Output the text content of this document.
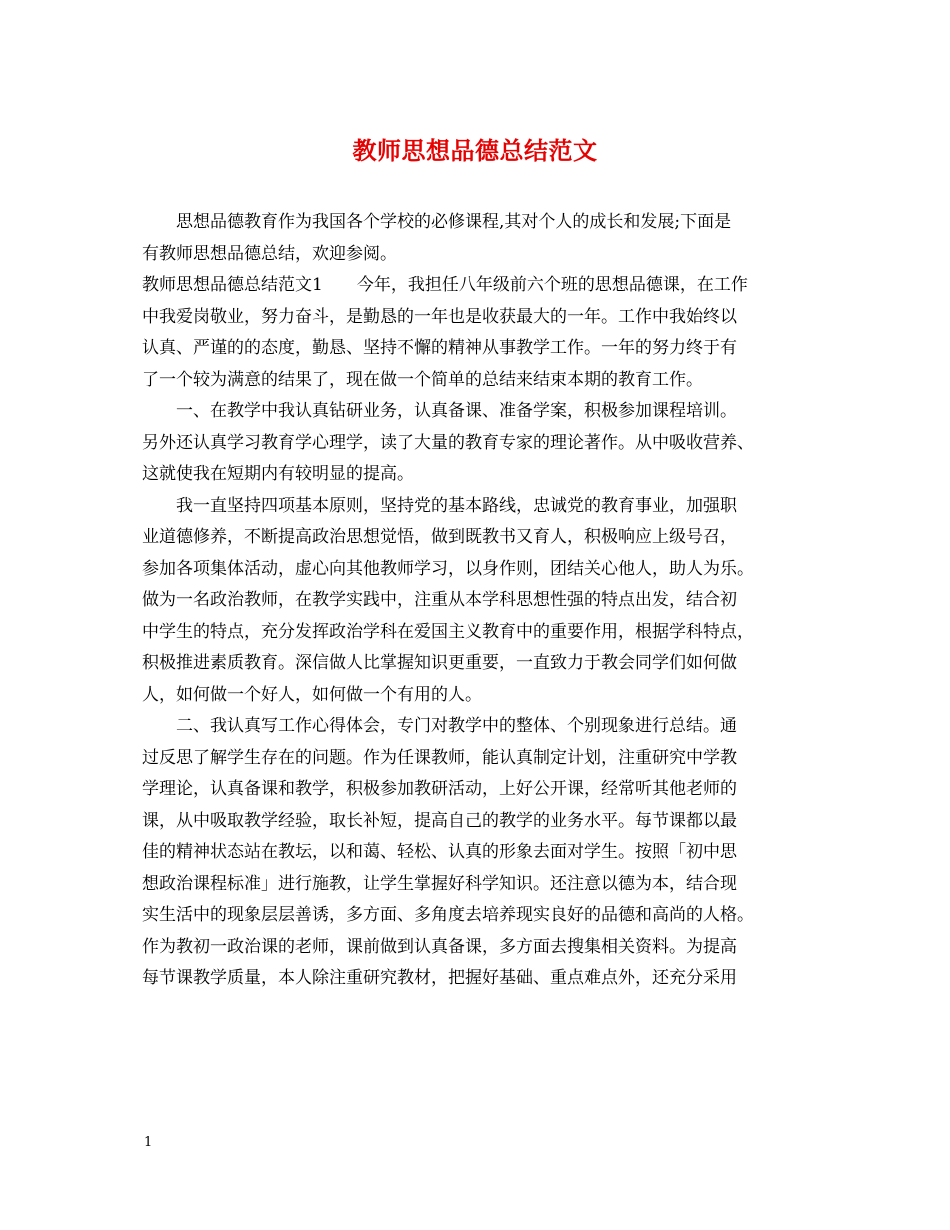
教师思想品德总结范文
　　思想品德教育作为我国各个学校的必修课程,其对个人的成长和发展;下面是
有教师思想品德总结，欢迎参阅。
教师思想品德总结范文1　　今年，我担任八年级前六个班的思想品德课，在工作
中我爱岗敬业，努力奋斗，是勤恳的一年也是收获最大的一年。工作中我始终以
认真、严谨的的态度，勤恳、坚持不懈的精神从事教学工作。一年的努力终于有
了一个较为满意的结果了，现在做一个简单的总结来结束本期的教育工作。
　　一、在教学中我认真钻研业务，认真备课、准备学案，积极参加课程培训。
另外还认真学习教育学心理学，读了大量的教育专家的理论著作。从中吸收营养、
这就使我在短期内有较明显的提高。
　　我一直坚持四项基本原则，坚持党的基本路线，忠诚党的教育事业，加强职
业道德修养，不断提高政治思想觉悟，做到既教书又育人，积极响应上级号召，
参加各项集体活动，虚心向其他教师学习，以身作则，团结关心他人，助人为乐。
做为一名政治教师，在教学实践中，注重从本学科思想性强的特点出发，结合初
中学生的特点，充分发挥政治学科在爱国主义教育中的重要作用，根据学科特点，
积极推进素质教育。深信做人比掌握知识更重要，一直致力于教会同学们如何做
人，如何做一个好人，如何做一个有用的人。
　　二、我认真写工作心得体会，专门对教学中的整体、个别现象进行总结。通
过反思了解学生存在的问题。作为任课教师，能认真制定计划，注重研究中学教
学理论，认真备课和教学，积极参加教研活动，上好公开课，经常听其他老师的
课，从中吸取教学经验，取长补短，提高自己的教学的业务水平。每节课都以最
佳的精神状态站在教坛，以和蔼、轻松、认真的形象去面对学生。按照「初中思
想政治课程标准」进行施教，让学生掌握好科学知识。还注意以德为本，结合现
实生活中的现象层层善诱，多方面、多角度去培养现实良好的品德和高尚的人格。
作为教初一政治课的老师，课前做到认真备课，多方面去搜集相关资料。为提高
每节课教学质量，本人除注重研究教材，把握好基础、重点难点外，还充分采用
1
